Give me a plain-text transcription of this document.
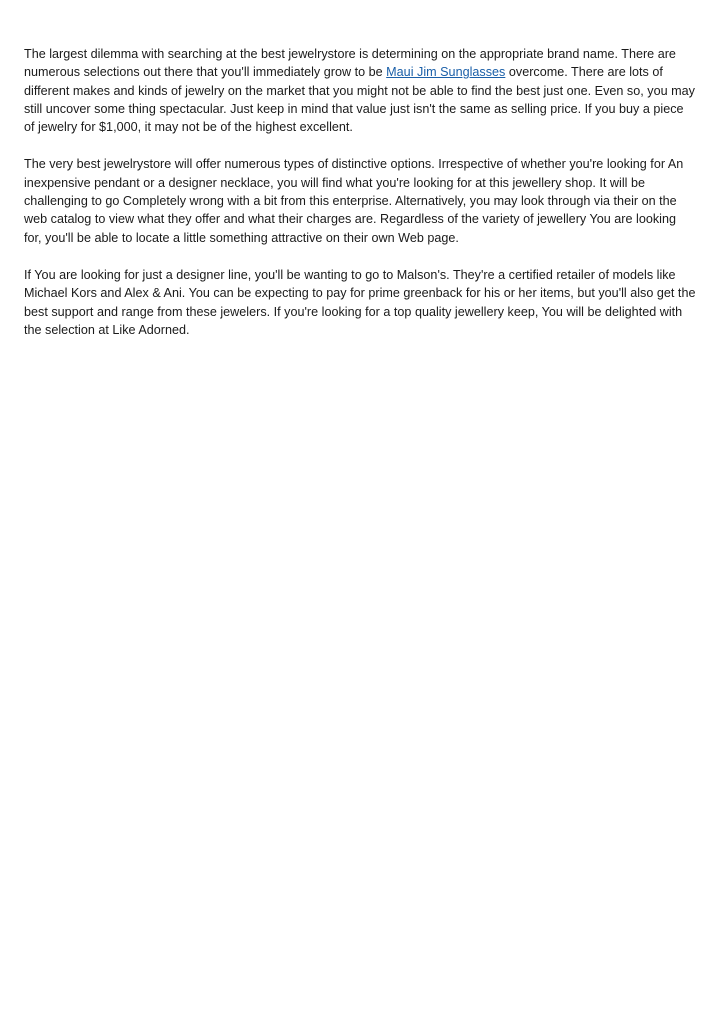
The largest dilemma with searching at the best jewelrystore is determining on the appropriate brand name. There are numerous selections out there that you'll immediately grow to be Maui Jim Sunglasses overcome. There are lots of different makes and kinds of jewelry on the market that you might not be able to find the best just one. Even so, you may still uncover some thing spectacular. Just keep in mind that value just isn't the same as selling price. If you buy a piece of jewelry for $1,000, it may not be of the highest excellent.

The very best jewelrystore will offer numerous types of distinctive options. Irrespective of whether you're looking for An inexpensive pendant or a designer necklace, you will find what you're looking for at this jewellery shop. It will be challenging to go Completely wrong with a bit from this enterprise. Alternatively, you may look through via their on the web catalog to view what they offer and what their charges are. Regardless of the variety of jewellery You are looking for, you'll be able to locate a little something attractive on their own Web page.

If You are looking for just a designer line, you'll be wanting to go to Malson's. They're a certified retailer of models like Michael Kors and Alex & Ani. You can be expecting to pay for prime greenback for his or her items, but you'll also get the best support and range from these jewelers. If you're looking for a top quality jewellery keep, You will be delighted with the selection at Like Adorned.
